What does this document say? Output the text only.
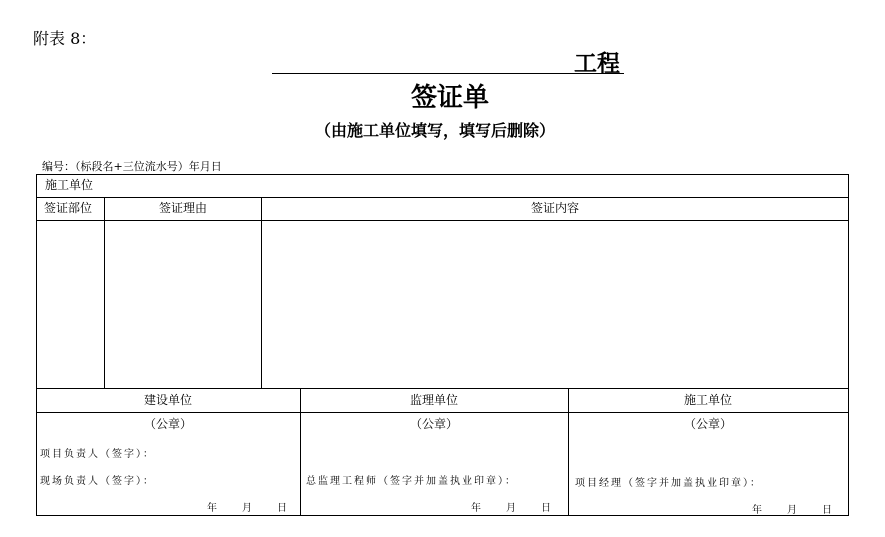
附表 8：
工程
签证单
（由施工单位填写，填写后删除）
编号：（标段名+三位流水号）年月日
施工单位
签证部位	签证理由	签证内容
建设单位	监理单位	施工单位
（公章）	（公章）	（公章）
项目负责人（签字）：
现场负责人（签字）：	总监理工程师（签字并加盖执业印章）：	项目经理（签字并加盖执业印章）：
年 月 日	年 月 日	年 月 日
